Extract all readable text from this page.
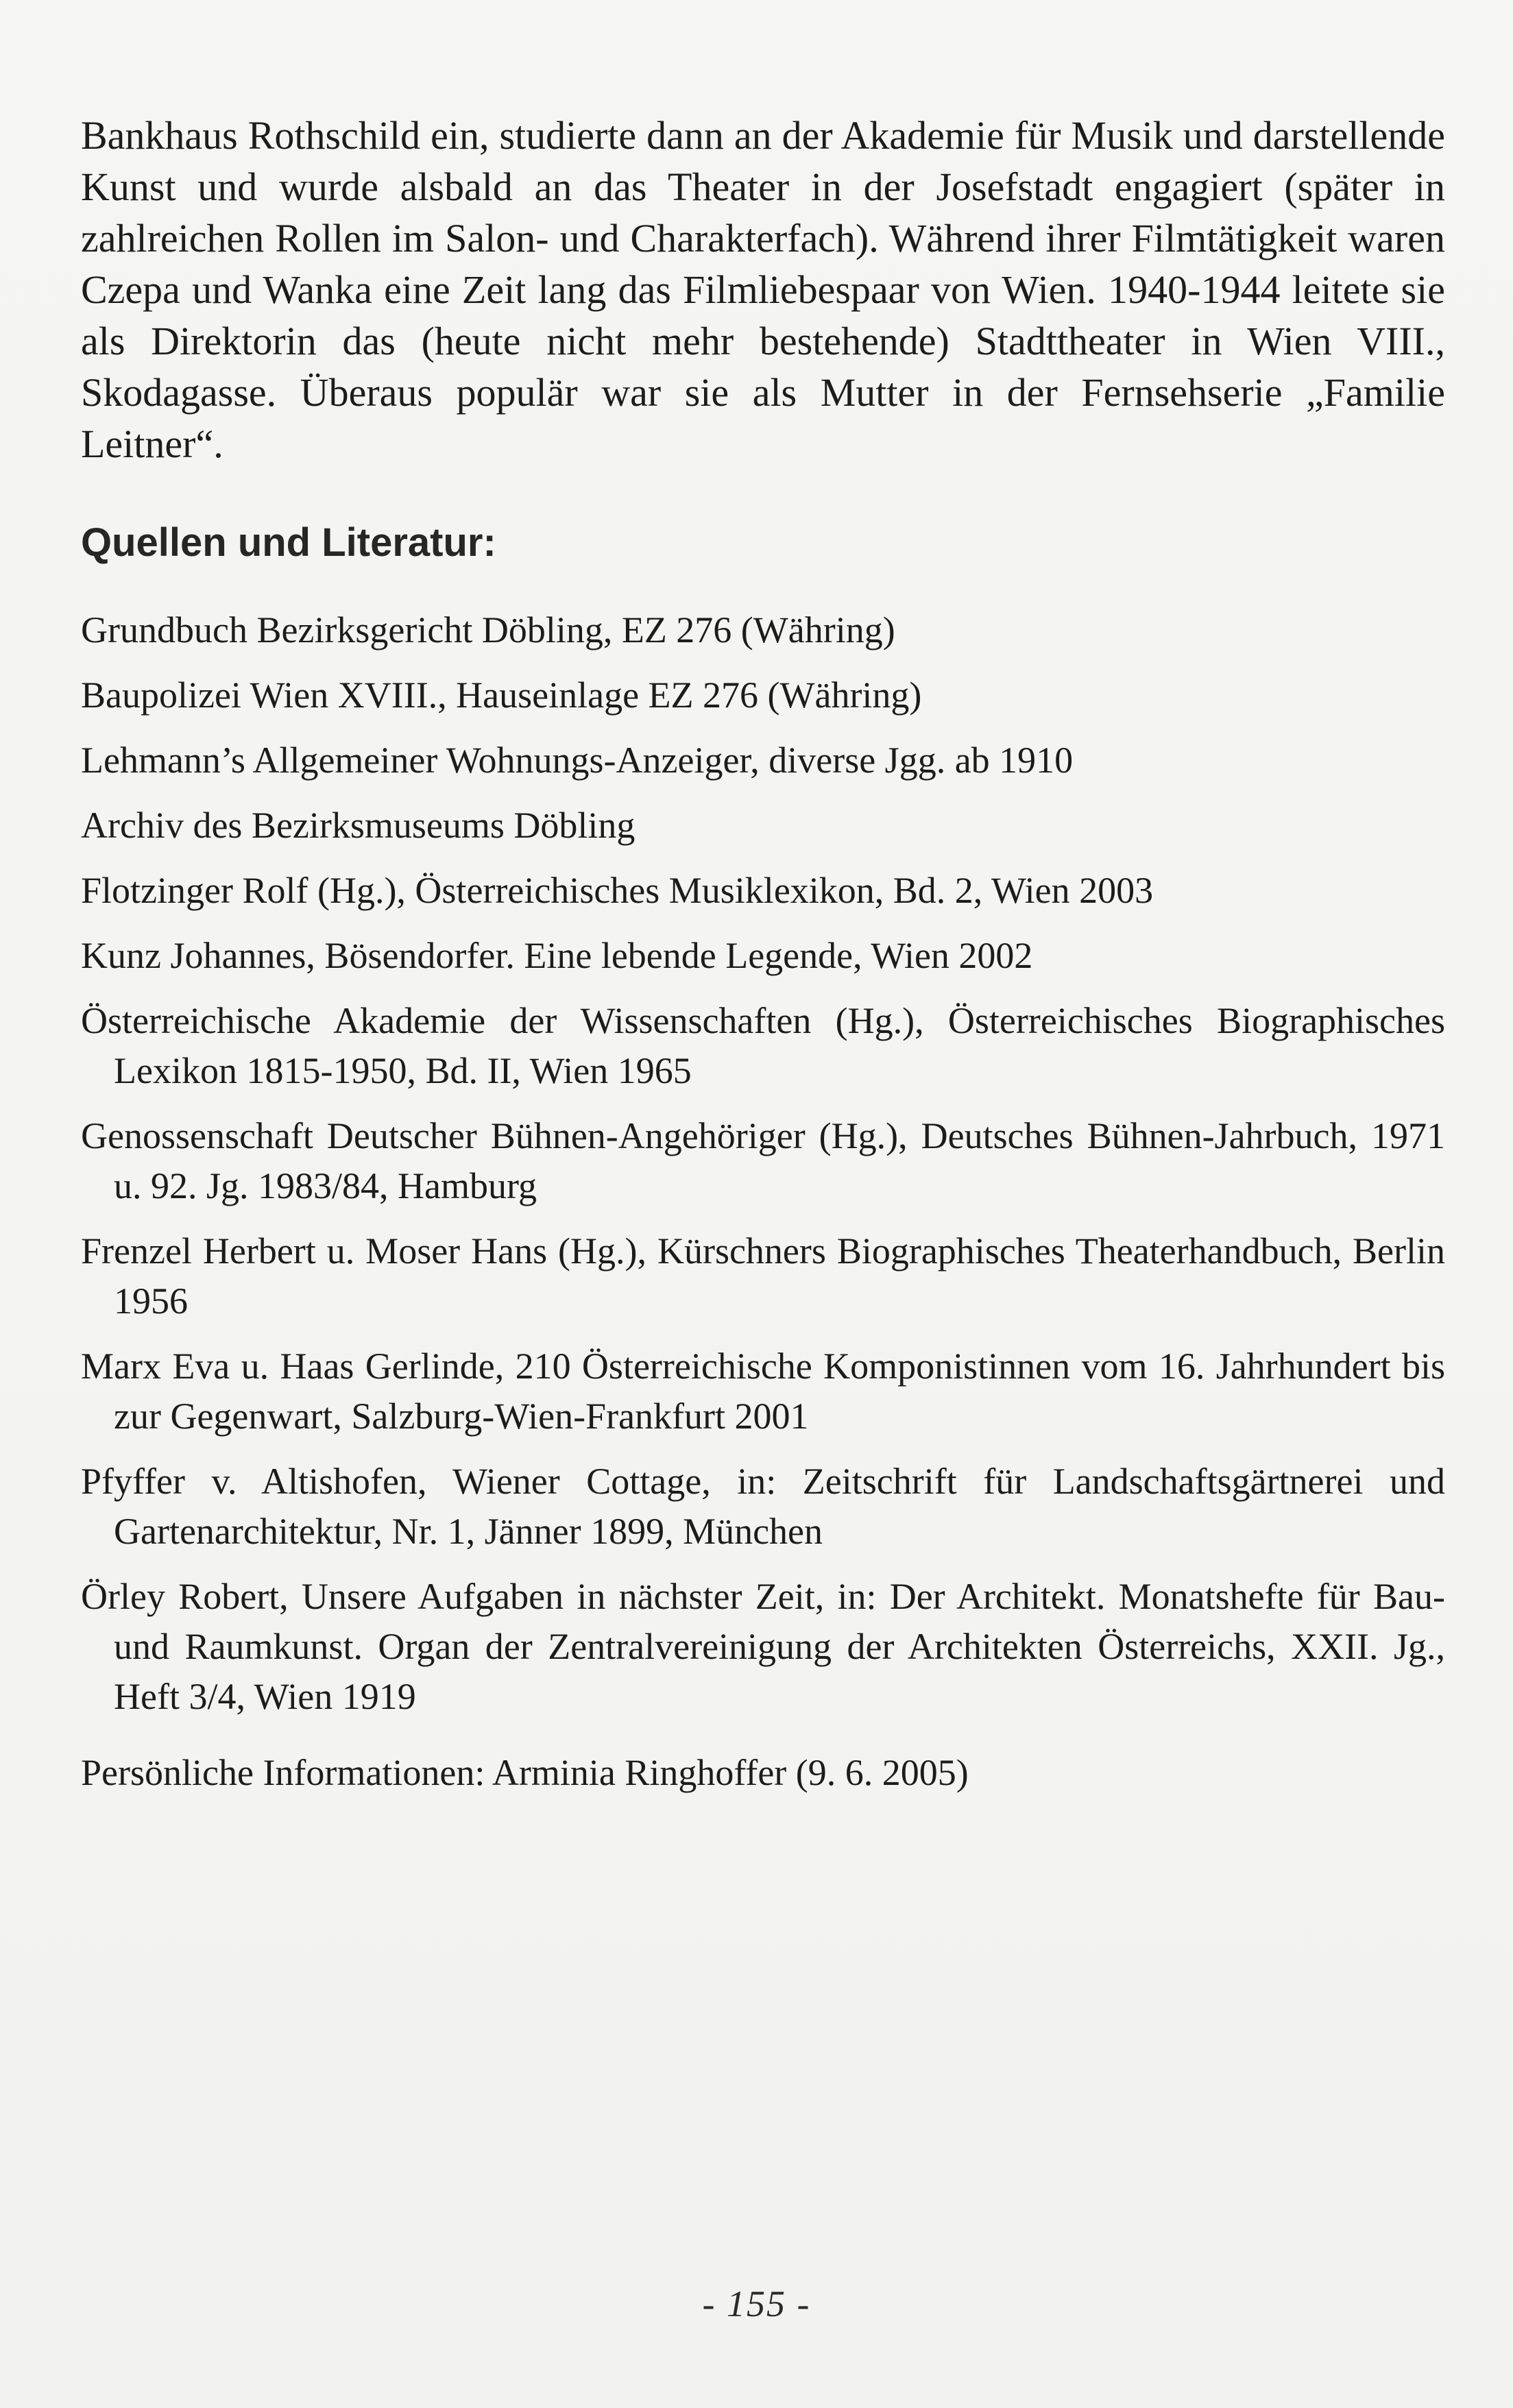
Bankhaus Rothschild ein, studierte dann an der Akademie für Musik und darstellende Kunst und wurde alsbald an das Theater in der Josefstadt engagiert (später in zahlreichen Rollen im Salon- und Charakterfach). Während ihrer Filmtätigkeit waren Czepa und Wanka eine Zeit lang das Filmliebespaar von Wien. 1940-1944 leitete sie als Direktorin das (heute nicht mehr bestehende) Stadttheater in Wien VIII., Skodagasse. Überaus populär war sie als Mutter in der Fernsehserie „Familie Leitner“.

Quellen und Literatur:
Grundbuch Bezirksgericht Döbling, EZ 276 (Währing)
Baupolizei Wien XVIII., Hauseinlage EZ 276 (Währing)
Lehmann’s Allgemeiner Wohnungs-Anzeiger, diverse Jgg. ab 1910
Archiv des Bezirksmuseums Döbling
Flotzinger Rolf (Hg.), Österreichisches Musiklexikon, Bd. 2, Wien 2003
Kunz Johannes, Bösendorfer. Eine lebende Legende, Wien 2002
Österreichische Akademie der Wissenschaften (Hg.), Österreichisches Biographisches Lexikon 1815-1950, Bd. II, Wien 1965
Genossenschaft Deutscher Bühnen-Angehöriger (Hg.), Deutsches Bühnen-Jahrbuch, 1971 u. 92. Jg. 1983/84, Hamburg
Frenzel Herbert u. Moser Hans (Hg.), Kürschners Biographisches Theaterhandbuch, Berlin 1956
Marx Eva u. Haas Gerlinde, 210 Österreichische Komponistinnen vom 16. Jahrhundert bis zur Gegenwart, Salzburg-Wien-Frankfurt 2001
Pfyffer v. Altishofen, Wiener Cottage, in: Zeitschrift für Landschaftsgärtnerei und Gartenarchitektur, Nr. 1, Jänner 1899, München
Örley Robert, Unsere Aufgaben in nächster Zeit, in: Der Architekt. Monatshefte für Bau- und Raumkunst. Organ der Zentralvereinigung der Architekten Österreichs, XXII. Jg., Heft 3/4, Wien 1919
Persönliche Informationen: Arminia Ringhoffer (9. 6. 2005)
- 155 -
